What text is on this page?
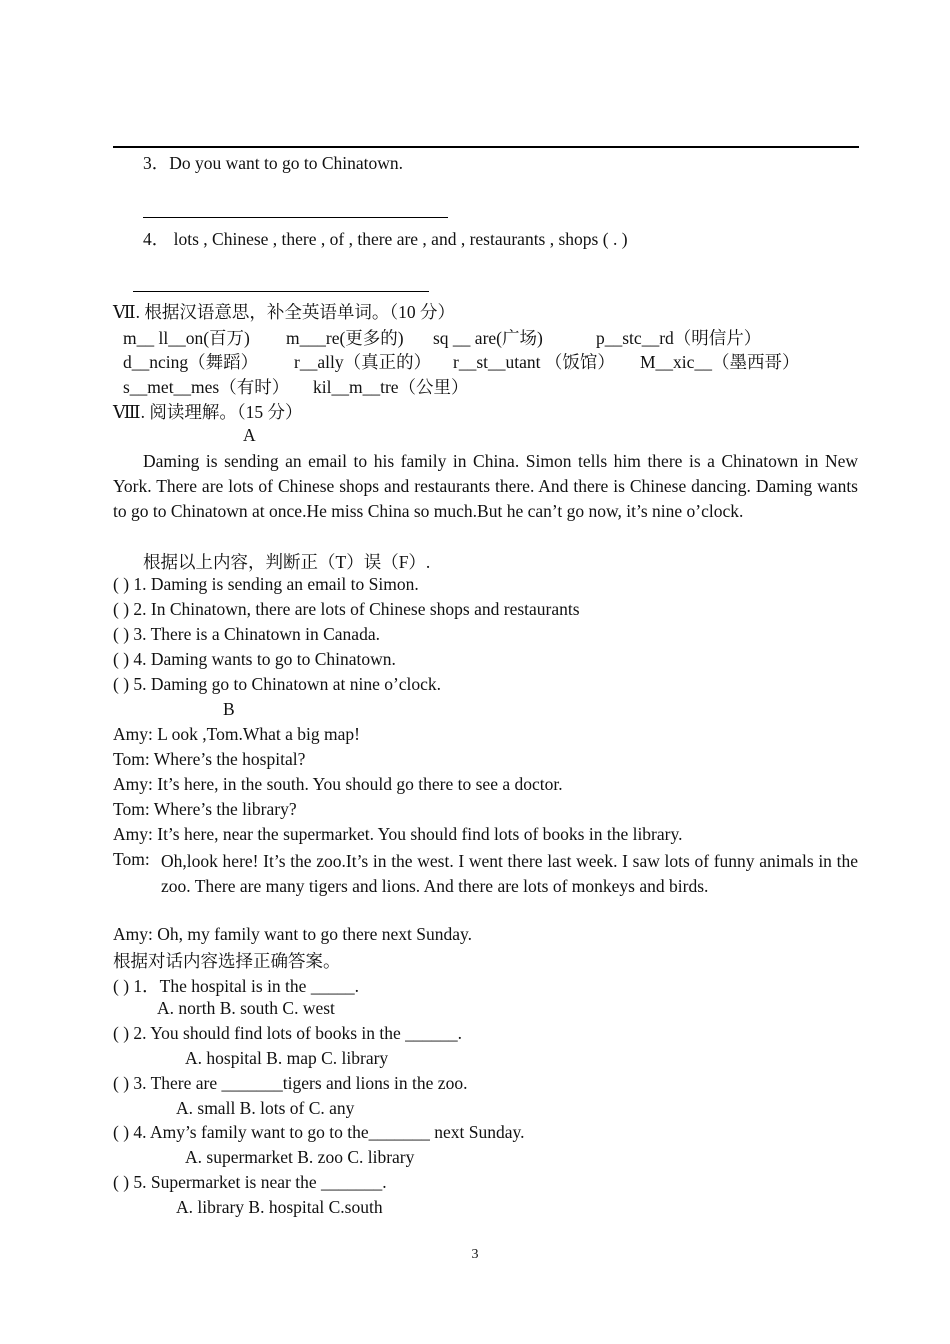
3．Do you want to go to Chinatown.
4． lots , Chinese , there , of , there are , and , restaurants , shops ( . )
Ⅶ. 根据汉语意思，补全英语单词。（10 分）
m__ ll__on(百万) m___re(更多的) sq __ are(广场)	p__stc__rd（明信片）
d__ncing（舞蹈） r__ally（真正的） r__st__utant （饭馆） M__xic__（墨西哥）
s__met__mes（有时） kil__m__tre（公里）
Ⅷ. 阅读理解。（15 分）
A
Daming is sending an email to his family in China. Simon tells him there is a Chinatown in New York. There are lots of Chinese shops and restaurants there. And there is Chinese dancing. Daming wants to go to Chinatown at once.He miss China so much.But he can’t go now, it’s nine o’clock.
根据以上内容，判断正（T）误（F）.
( ) 1. Daming is sending an email to Simon.
( ) 2. In Chinatown, there are lots of Chinese shops and restaurants
( ) 3. There is a Chinatown in Canada.
( ) 4. Daming wants to go to Chinatown.
( ) 5. Daming go to Chinatown at nine o’clock.
B
Amy: L ook ,Tom.What a big map!
Tom: Where’s the hospital?
Amy: It’s here, in the south. You should go there to see a doctor.
Tom: Where’s the library?
Amy: It’s here, near the supermarket. You should find lots of books in the library.
Tom: Oh,look here! It’s the zoo.It’s in the west. I went there last week. I saw lots of funny animals in the zoo. There are many tigers and lions. And there are lots of monkeys and birds.
Amy: Oh, my family want to go there next Sunday.
根据对话内容选择正确答案。
( ) 1．The hospital is in the _____.
A. north B. south C. west
( ) 2. You should find lots of books in the ______.
A. hospital B. map C. library
( ) 3. There are _______tigers and lions in the zoo.
A. small B. lots of C. any
( ) 4. Amy’s family want to go to the_______ next Sunday.
A. supermarket B. zoo C. library
( ) 5. Supermarket is near the _______.
A. library B. hospital C.south
3
